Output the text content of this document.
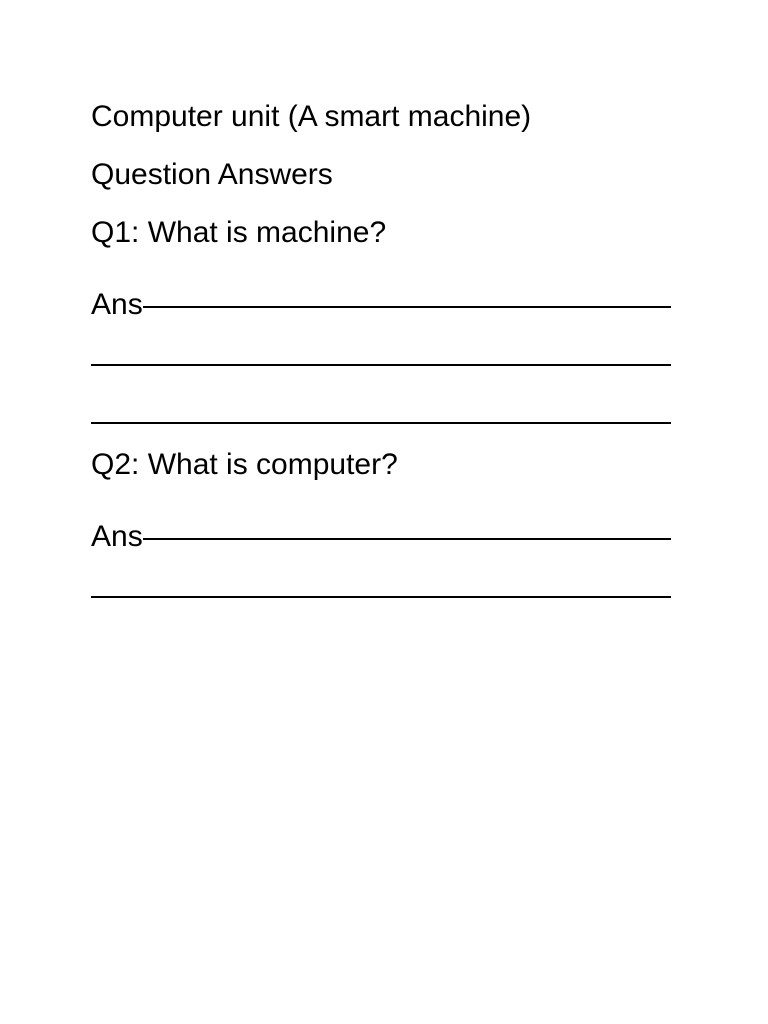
Computer unit (A smart machine)
Question Answers
Q1: What is machine?
Ans
Q2: What is computer?
Ans
